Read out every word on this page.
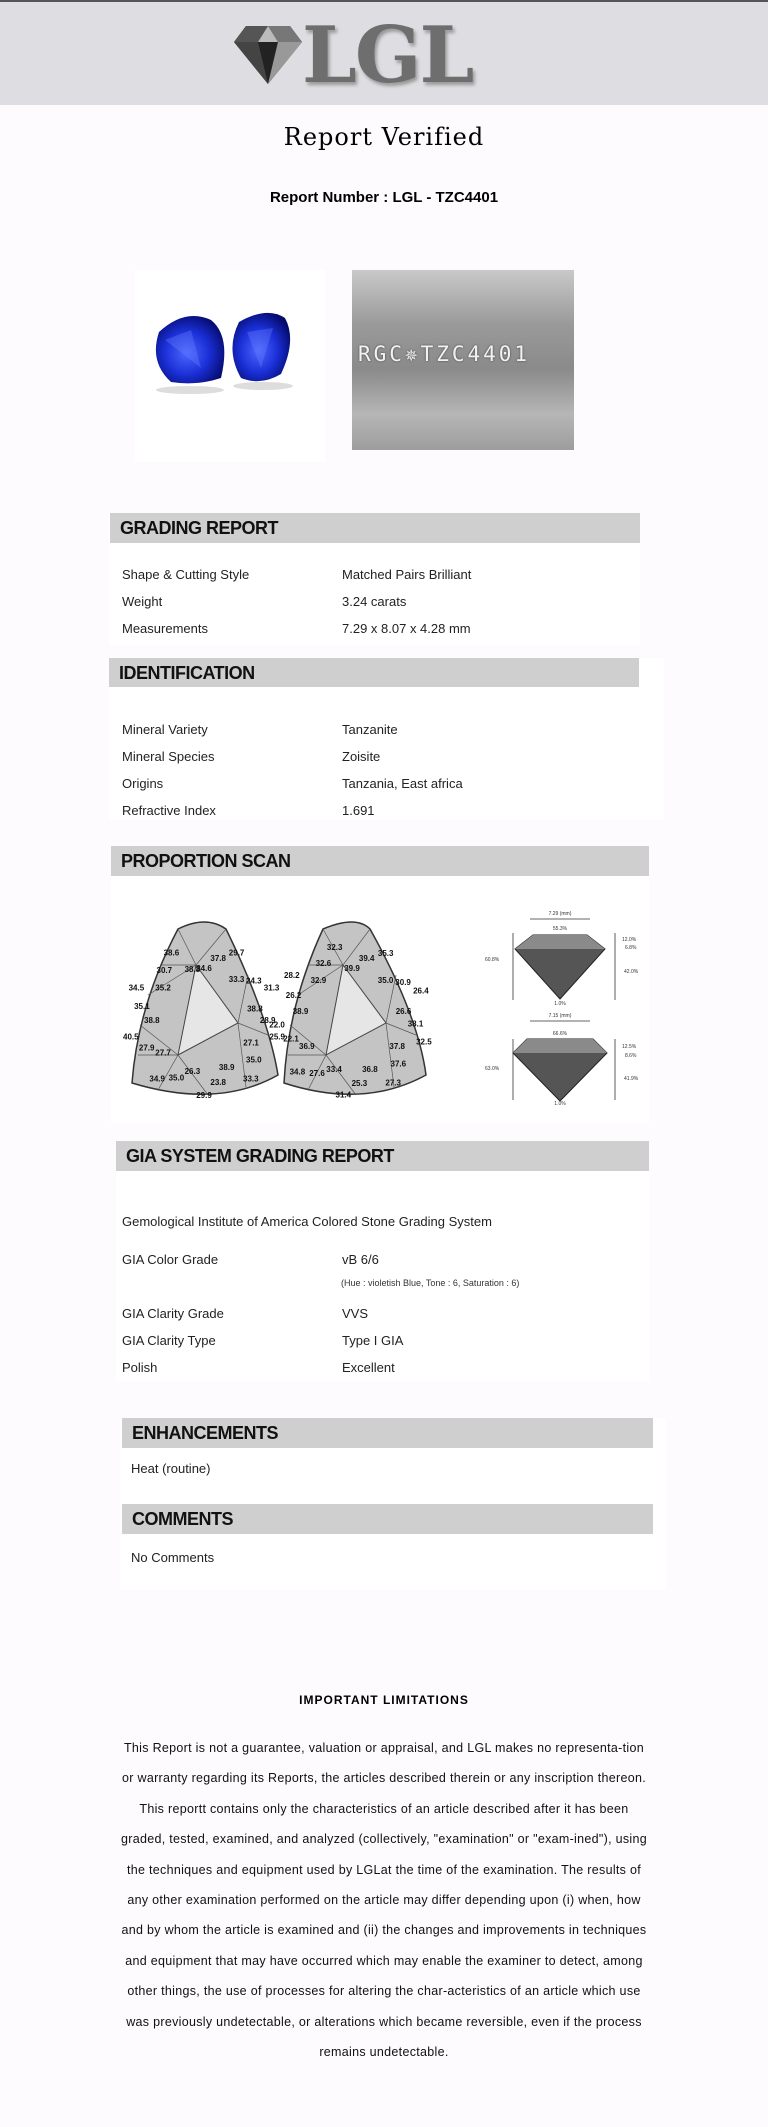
LGL
Report Verified
Report Number : LGL - TZC4401
RGC✵TZC4401
GRADING REPORT
Shape & Cutting Style	Matched Pairs Brilliant
Weight	3.24 carats
Measurements	7.29 x 8.07 x 4.28 mm
IDENTIFICATION
Mineral Variety	Tanzanite
Mineral Species	Zoisite
Origins	Tanzania, East africa
Refractive Index	1.691
PROPORTION SCAN
34.6
37.8
29.7
33.3 24.3
31.3
38.8
28.9
25.9
27.1
35.0
33.3
38.9
23.8
29.9
26.3
35.0
34.9
27.7
27.9
40.5
38.8
35.1
34.5 35.2
30.7
38.6
38.8	39.9
39.4
35.3
35.0 30.9
26.4
26.6
38.1
32.5
37.8
37.6
27.3
36.8
25.3
31.4
33.4
27.6
34.8
36.9
22.1
22.0
38.9
26.2
28.2
32.9
32.6
32.3
7.29 (mm)
55.3%
60.8%
12.0%
6.8%
42.0%
1.0%
7.15 (mm)
66.6%
63.0%
12.5%
8.6%
41.9%
1.0%
GIA SYSTEM GRADING REPORT
Gemological Institute of America Colored Stone Grading System
GIA Color Grade	vB 6/6
(Hue : violetish Blue, Tone : 6, Saturation : 6)
GIA Clarity Grade	VVS
GIA Clarity Type	Type I GIA
Polish	Excellent
ENHANCEMENTS
Heat (routine)
COMMENTS
No Comments
IMPORTANT LIMITATIONS
This Report is not a guarantee, valuation or appraisal, and LGL makes no representa-tion or warranty regarding its Reports, the articles described therein or any inscription thereon. This reportt contains only the characteristics of an article described after it has been graded, tested, examined, and analyzed (collectively, "examination" or "exam-ined"), using the techniques and equipment used by LGLat the time of the examination. The results of any other examination performed on the article may differ depending upon (i) when, how and by whom the article is examined and (ii) the changes and improvements in techniques and equipment that may have occurred which may enable the examiner to detect, among other things, the use of processes for altering the char-acteristics of an article which use was previously undetectable, or alterations which became reversible, even if the process remains undetectable.
